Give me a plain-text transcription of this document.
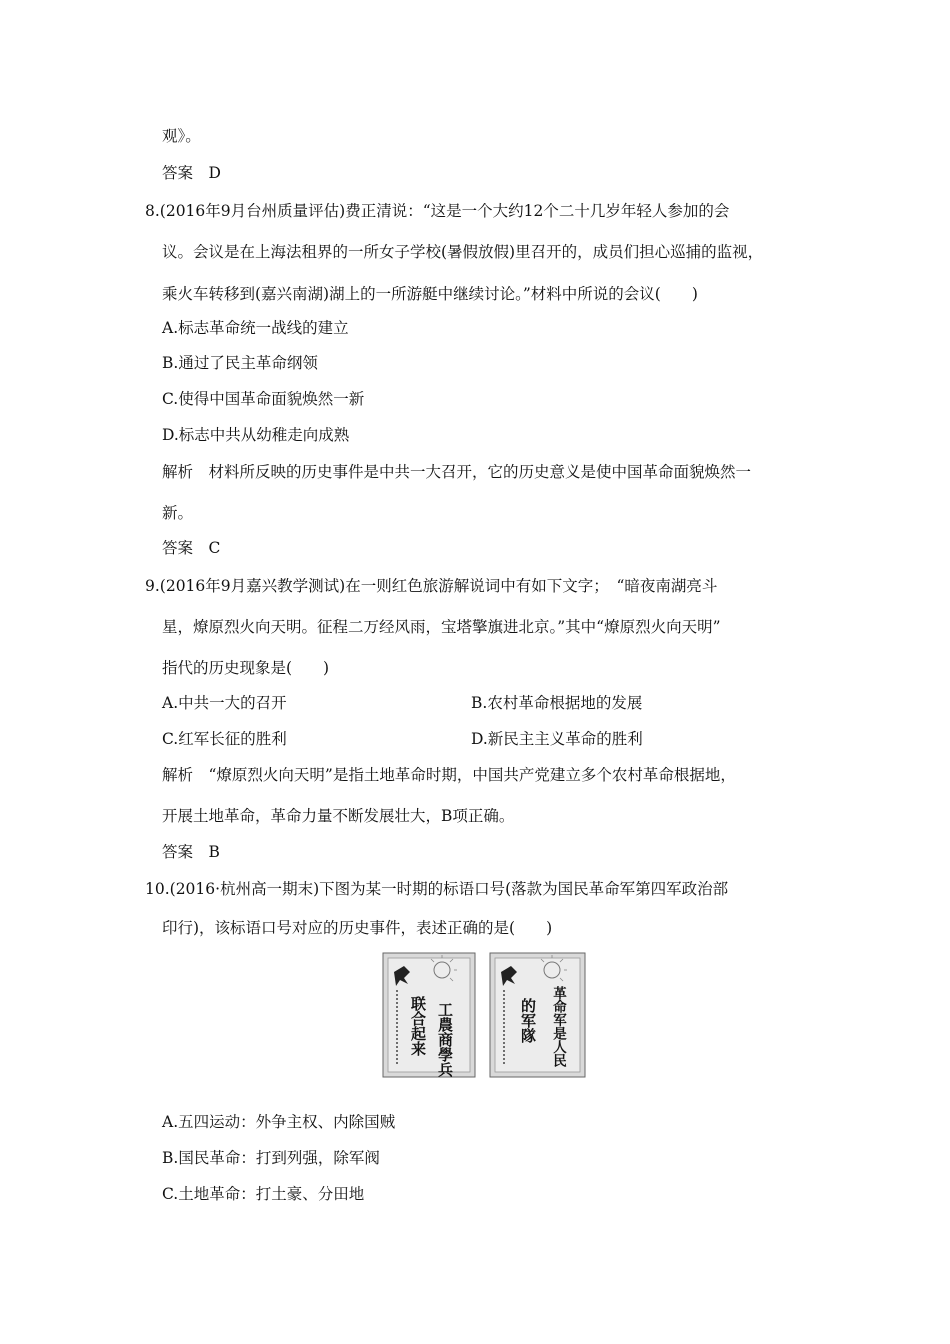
观》。
答案　D
8.(2016年9月台州质量评估)费正清说：“这是一个大约12个二十几岁年轻人参加的会
议。会议是在上海法租界的一所女子学校(暑假放假)里召开的，成员们担心巡捕的监视，
乘火车转移到(嘉兴南湖)湖上的一所游艇中继续讨论。”材料中所说的会议(　　)
A.标志革命统一战线的建立
B.通过了民主革命纲领
C.使得中国革命面貌焕然一新
D.标志中共从幼稚走向成熟
解析　材料所反映的历史事件是中共一大召开，它的历史意义是使中国革命面貌焕然一
新。
答案　C
9.(2016年9月嘉兴教学测试)在一则红色旅游解说词中有如下文字；　“暗夜南湖亮斗
星，燎原烈火向天明。征程二万经风雨，宝塔擎旗进北京。”其中“燎原烈火向天明”
指代的历史现象是(　　)
A.中共一大的召开	B.农村革命根据地的发展
C.红军长征的胜利	D.新民主主义革命的胜利
解析　“燎原烈火向天明”是指土地革命时期，中国共产党建立多个农村革命根据地，
开展土地革命，革命力量不断发展壮大，B项正确。
答案　B
10.(2016·杭州高一期末)下图为某一时期的标语口号(落款为国民革命军第四军政治部
印行)，该标语口号对应的历史事件，表述正确的是(　　)
工農商學兵
联合起来	革命军是人民
的军隊
A.五四运动：外争主权、内除国贼
B.国民革命：打到列强，除军阀
C.土地革命：打土豪、分田地
